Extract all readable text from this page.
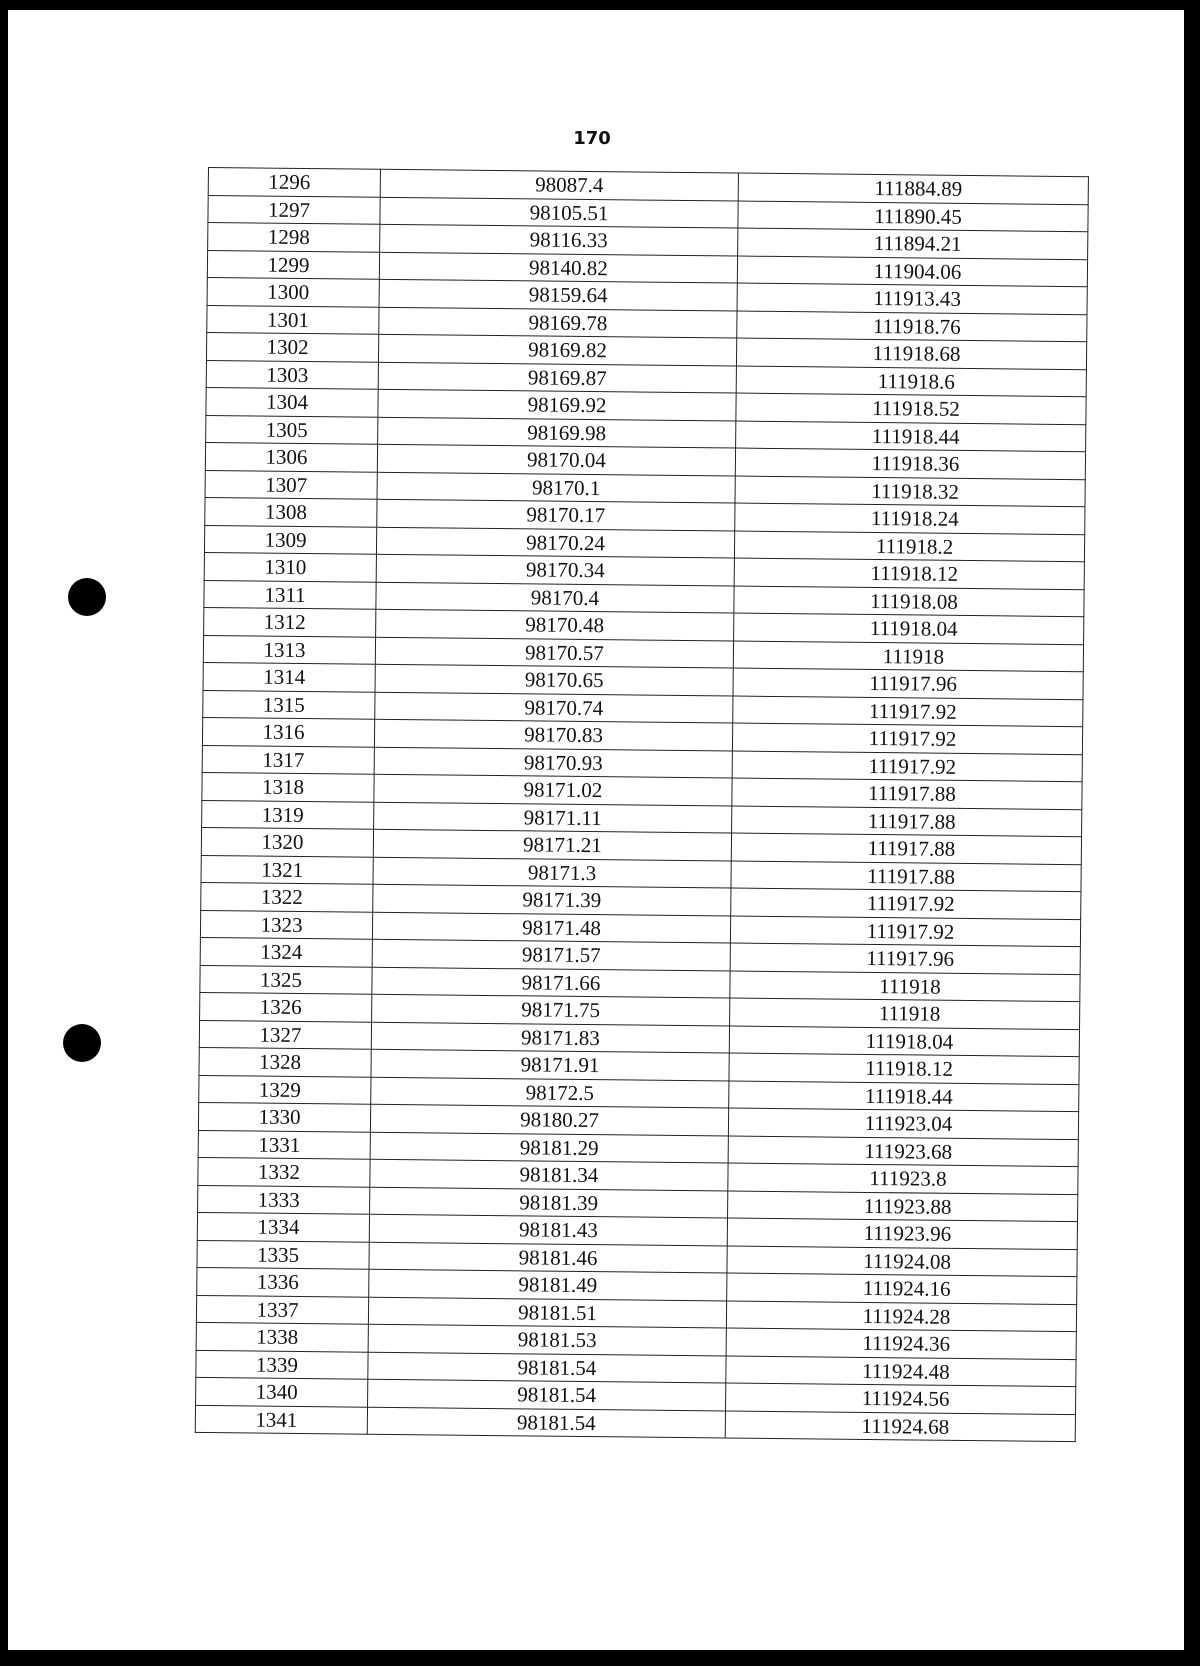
170
1296	98087.4	111884.89
1297	98105.51	111890.45
1298	98116.33	111894.21
1299	98140.82	111904.06
1300	98159.64	111913.43
1301	98169.78	111918.76
1302	98169.82	111918.68
1303	98169.87	111918.6
1304	98169.92	111918.52
1305	98169.98	111918.44
1306	98170.04	111918.36
1307	98170.1	111918.32
1308	98170.17	111918.24
1309	98170.24	111918.2
1310	98170.34	111918.12
1311	98170.4	111918.08
1312	98170.48	111918.04
1313	98170.57	111918
1314	98170.65	111917.96
1315	98170.74	111917.92
1316	98170.83	111917.92
1317	98170.93	111917.92
1318	98171.02	111917.88
1319	98171.11	111917.88
1320	98171.21	111917.88
1321	98171.3	111917.88
1322	98171.39	111917.92
1323	98171.48	111917.92
1324	98171.57	111917.96
1325	98171.66	111918
1326	98171.75	111918
1327	98171.83	111918.04
1328	98171.91	111918.12
1329	98172.5	111918.44
1330	98180.27	111923.04
1331	98181.29	111923.68
1332	98181.34	111923.8
1333	98181.39	111923.88
1334	98181.43	111923.96
1335	98181.46	111924.08
1336	98181.49	111924.16
1337	98181.51	111924.28
1338	98181.53	111924.36
1339	98181.54	111924.48
1340	98181.54	111924.56
1341	98181.54	111924.68
